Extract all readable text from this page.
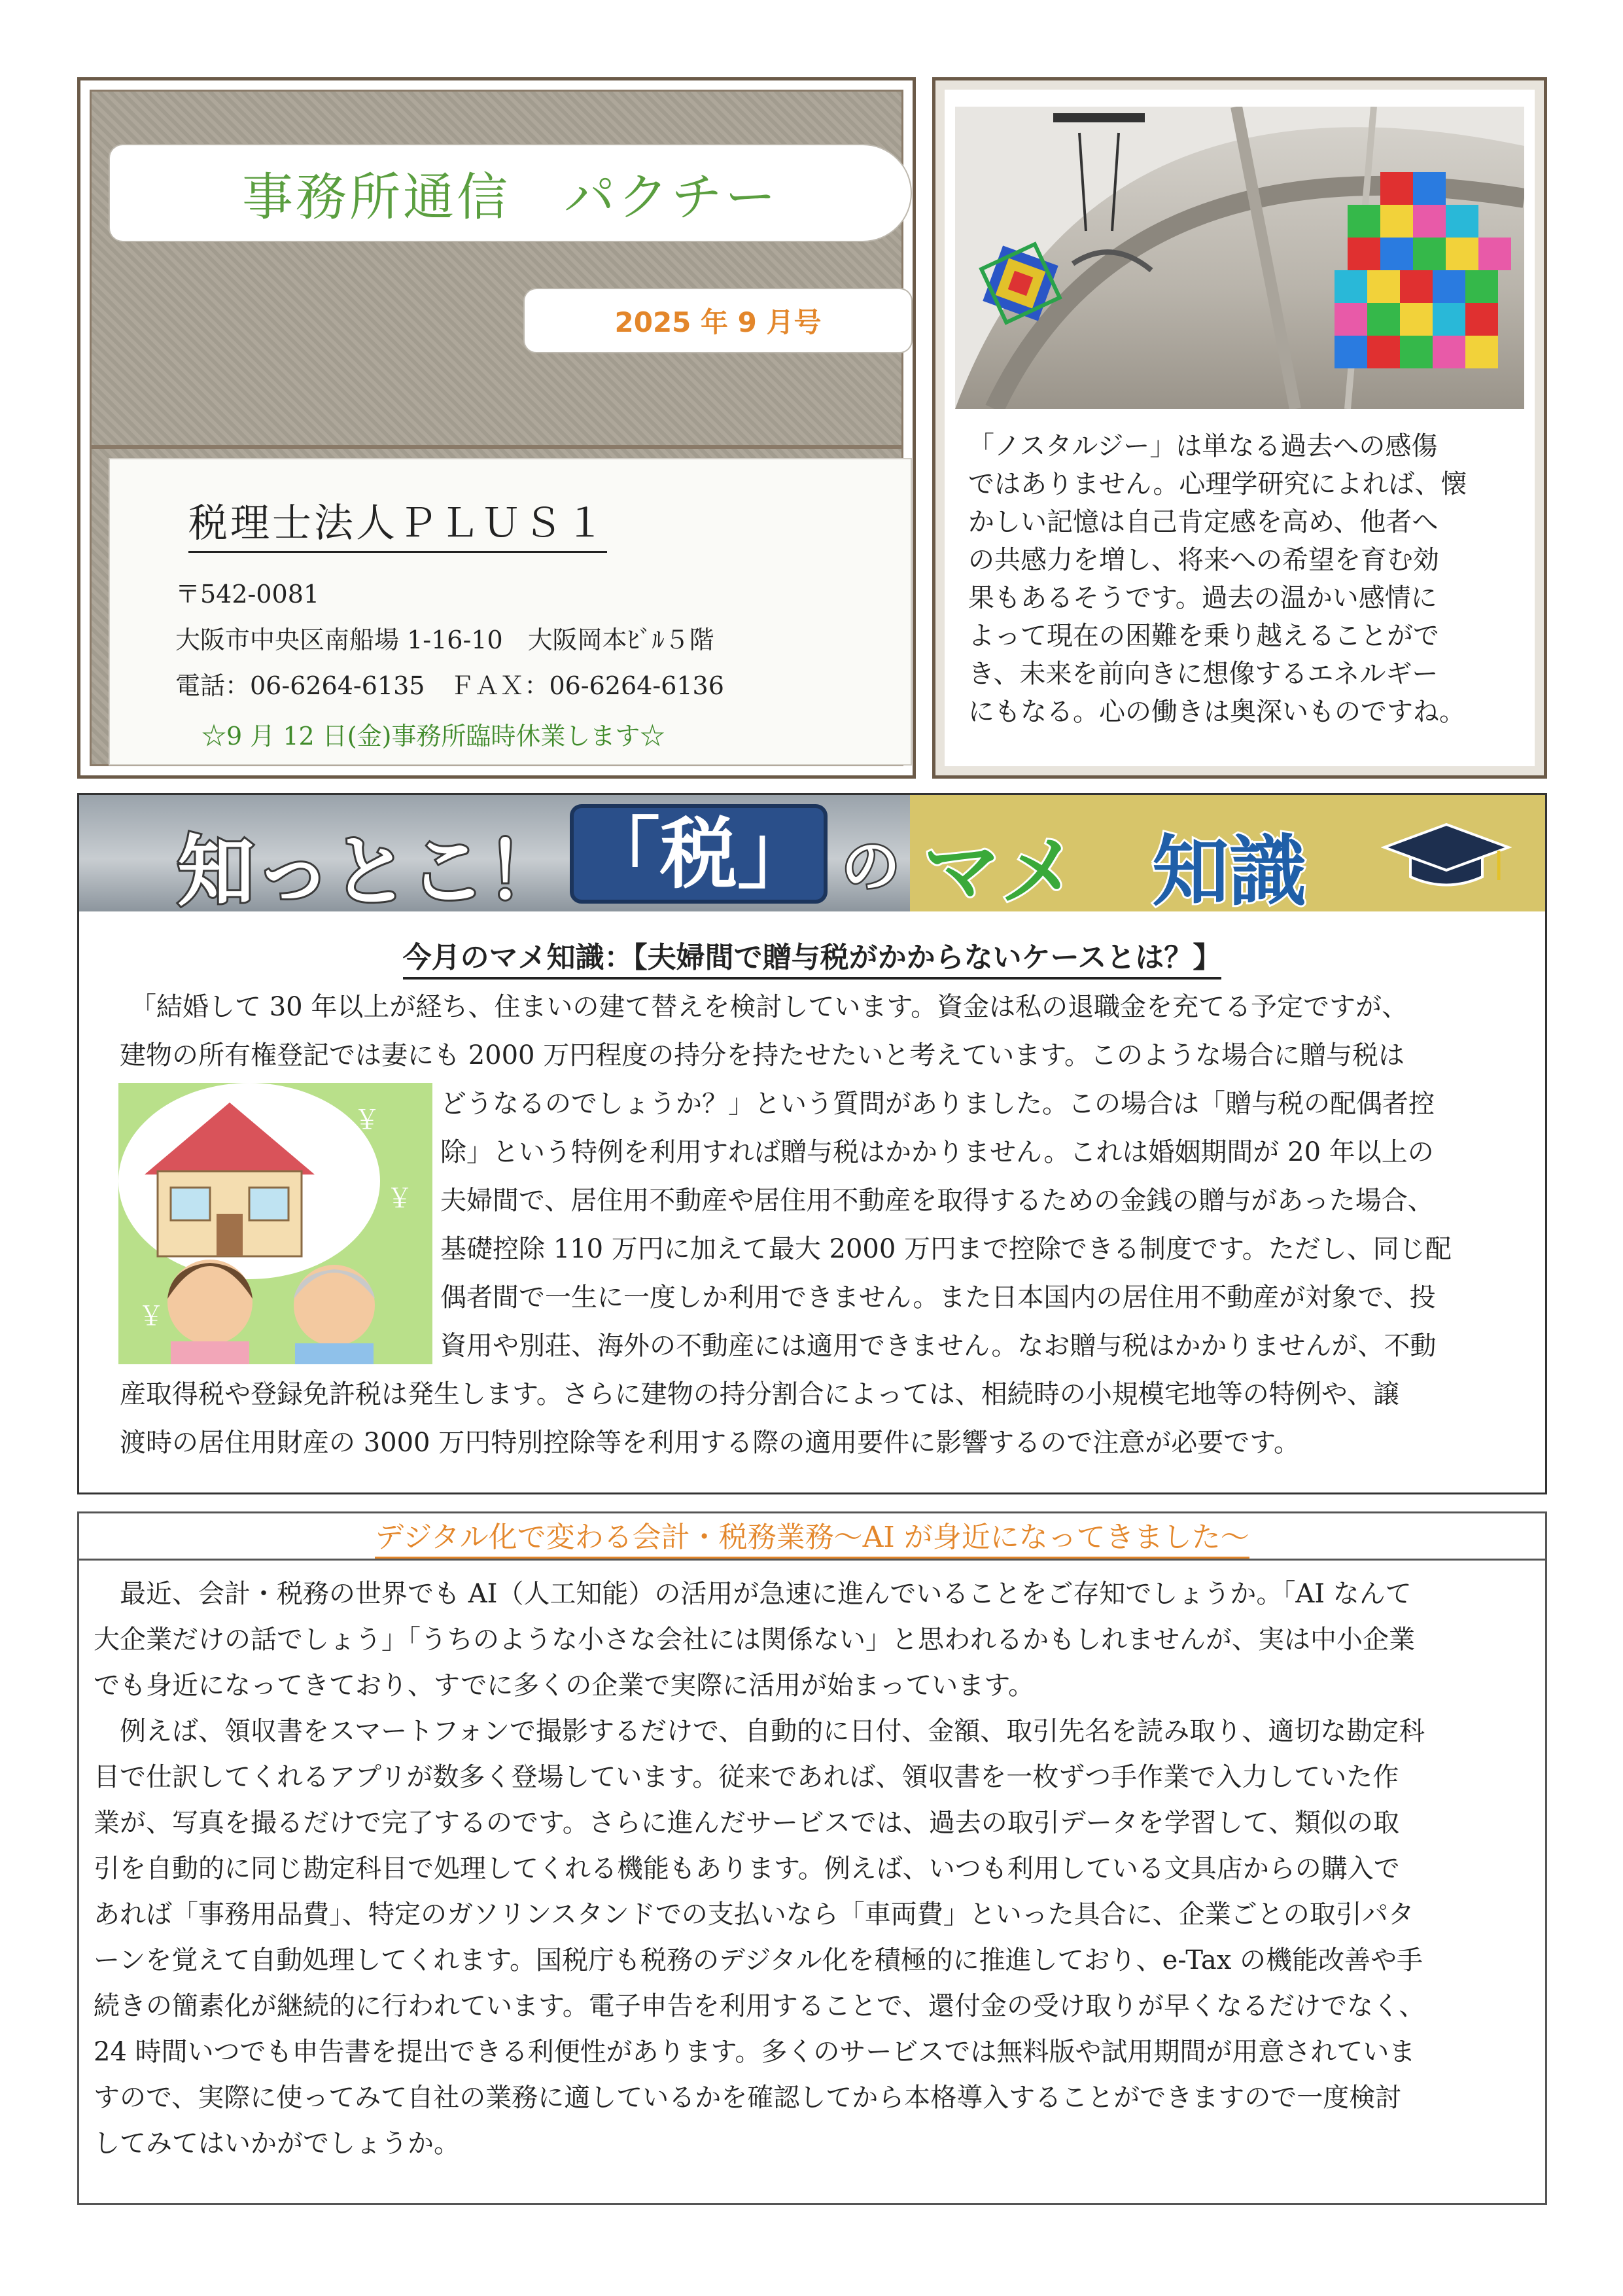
事務所通信　パクチー
2025 年 9 月号
税理士法人ＰＬＵＳ１
〒542-0081
大阪市中央区南船場 1-16-10　大阪岡本ﾋﾞﾙ５階
電話：06-6264-6135　ＦＡＸ：06-6264-6136
☆9 月 12 日(金)事務所臨時休業します☆
「ノスタルジー」は単なる過去への感傷
ではありません。心理学研究によれば、懐
かしい記憶は自己肯定感を高め、他者へ
の共感力を増し、将来への希望を育む効
果もあるそうです。過去の温かい感情に
よって現在の困難を乗り越えることがで
き、未来を前向きに想像するエネルギー
にもなる。心の働きは奥深いものですね。
知っとこ！ 「税」 の マメ 知識
今月のマメ知識：【夫婦間で贈与税がかからないケースとは？】
「結婚して 30 年以上が経ち、住まいの建て替えを検討しています。資金は私の退職金を充てる予定ですが、
建物の所有権登記では妻にも 2000 万円程度の持分を持たせたいと考えています。このような場合に贈与税は
￥
￥
￥
どうなるのでしょうか？」という質問がありました。この場合は「贈与税の配偶者控
除」という特例を利用すれば贈与税はかかりません。これは婚姻期間が 20 年以上の
夫婦間で、居住用不動産や居住用不動産を取得するための金銭の贈与があった場合、
基礎控除 110 万円に加えて最大 2000 万円まで控除できる制度です。ただし、同じ配
偶者間で一生に一度しか利用できません。また日本国内の居住用不動産が対象で、投
資用や別荘、海外の不動産には適用できません。なお贈与税はかかりませんが、不動
産取得税や登録免許税は発生します。さらに建物の持分割合によっては、相続時の小規模宅地等の特例や、譲
渡時の居住用財産の 3000 万円特別控除等を利用する際の適用要件に影響するので注意が必要です。
デジタル化で変わる会計・税務業務～AI が身近になってきました～
　最近、会計・税務の世界でも AI（人工知能）の活用が急速に進んでいることをご存知でしょうか。「AI なんて
大企業だけの話でしょう」「うちのような小さな会社には関係ない」と思われるかもしれませんが、実は中小企業
でも身近になってきており、すでに多くの企業で実際に活用が始まっています。
　例えば、領収書をスマートフォンで撮影するだけで、自動的に日付、金額、取引先名を読み取り、適切な勘定科
目で仕訳してくれるアプリが数多く登場しています。従来であれば、領収書を一枚ずつ手作業で入力していた作
業が、写真を撮るだけで完了するのです。さらに進んだサービスでは、過去の取引データを学習して、類似の取
引を自動的に同じ勘定科目で処理してくれる機能もあります。例えば、いつも利用している文具店からの購入で
あれば「事務用品費」、特定のガソリンスタンドでの支払いなら「車両費」といった具合に、企業ごとの取引パタ
ーンを覚えて自動処理してくれます。国税庁も税務のデジタル化を積極的に推進しており、e-Tax の機能改善や手
続きの簡素化が継続的に行われています。電子申告を利用することで、還付金の受け取りが早くなるだけでなく、
24 時間いつでも申告書を提出できる利便性があります。多くのサービスでは無料版や試用期間が用意されていま
すので、実際に使ってみて自社の業務に適しているかを確認してから本格導入することができますので一度検討
してみてはいかがでしょうか。
